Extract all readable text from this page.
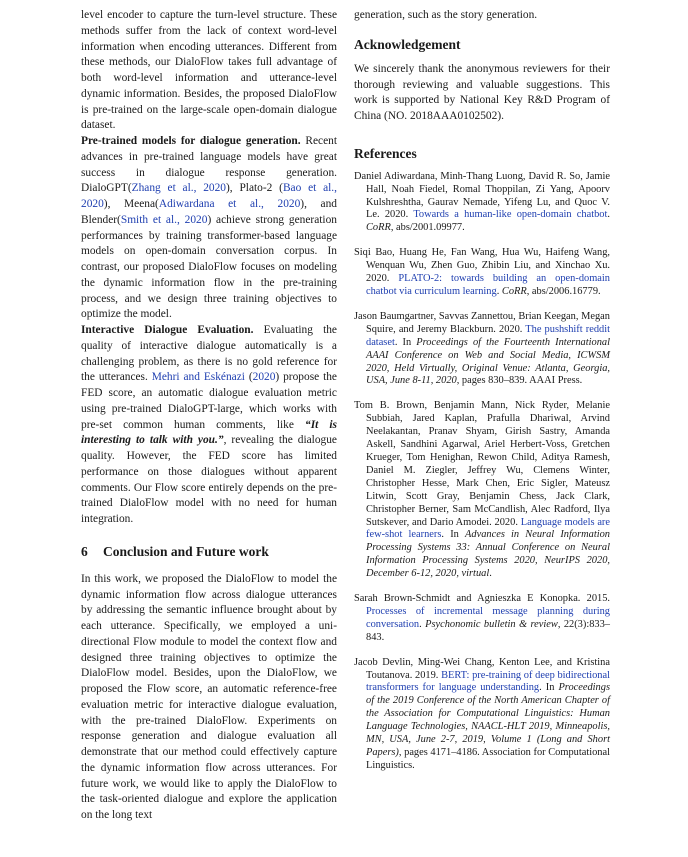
level encoder to capture the turn-level structure. These methods suffer from the lack of context word-level information when encoding utterances. Different from these methods, our DialoFlow takes full advantage of both word-level information and utterance-level dynamic information. Besides, the proposed DialoFlow is pre-trained on the large-scale open-domain dialogue dataset.

Pre-trained models for dialogue generation. Recent advances in pre-trained language models have great success in dialogue response generation. DialoGPT(Zhang et al., 2020), Plato-2 (Bao et al., 2020), Meena(Adiwardana et al., 2020), and Blender(Smith et al., 2020) achieve strong generation performances by training transformer-based language models on open-domain conversation corpus. In contrast, our proposed DialoFlow focuses on modeling the dynamic information flow in the pre-training process, and we design three training objectives to optimize the model.

Interactive Dialogue Evaluation. Evaluating the quality of interactive dialogue automatically is a challenging problem, as there is no gold reference for the utterances. Mehri and Eskénazi (2020) propose the FED score, an automatic dialogue evaluation metric using pre-trained DialoGPT-large, which works with pre-set common human comments, like “It is interesting to talk with you.”, revealing the dialogue quality. However, the FED score has limited performance on those dialogues without apparent comments. Our Flow score entirely depends on the pre-trained DialoFlow model with no need for human integration.

6 Conclusion and Future work

In this work, we proposed the DialoFlow to model the dynamic information flow across dialogue utterances by addressing the semantic influence brought about by each utterance. Specifically, we employed a uni-directional Flow module to model the context flow and designed three training objectives to optimize the DialoFlow model. Besides, upon the DialoFlow, we proposed the Flow score, an automatic reference-free evaluation metric for interactive dialogue evaluation, with the pre-trained DialoFlow. Experiments on response generation and dialogue evaluation all demonstrate that our method could effectively capture the dynamic information flow across utterances. For future work, we would like to apply the DialoFlow to the task-oriented dialogue and explore the application on the long text

generation, such as the story generation.

Acknowledgement

We sincerely thank the anonymous reviewers for their thorough reviewing and valuable suggestions. This work is supported by National Key R&D Program of China (NO. 2018AAA0102502).

References

Daniel Adiwardana, Minh-Thang Luong, David R. So, Jamie Hall, Noah Fiedel, Romal Thoppilan, Zi Yang, Apoorv Kulshreshtha, Gaurav Nemade, Yifeng Lu, and Quoc V. Le. 2020. Towards a human-like open-domain chatbot. CoRR, abs/2001.09977.

Siqi Bao, Huang He, Fan Wang, Hua Wu, Haifeng Wang, Wenquan Wu, Zhen Guo, Zhibin Liu, and Xinchao Xu. 2020. PLATO-2: towards building an open-domain chatbot via curriculum learning. CoRR, abs/2006.16779.

Jason Baumgartner, Savvas Zannettou, Brian Keegan, Megan Squire, and Jeremy Blackburn. 2020. The pushshift reddit dataset. In Proceedings of the Fourteenth International AAAI Conference on Web and Social Media, ICWSM 2020, Held Virtually, Original Venue: Atlanta, Georgia, USA, June 8-11, 2020, pages 830–839. AAAI Press.

Tom B. Brown, Benjamin Mann, Nick Ryder, Melanie Subbiah, Jared Kaplan, Prafulla Dhariwal, Arvind Neelakantan, Pranav Shyam, Girish Sastry, Amanda Askell, Sandhini Agarwal, Ariel Herbert-Voss, Gretchen Krueger, Tom Henighan, Rewon Child, Aditya Ramesh, Daniel M. Ziegler, Jeffrey Wu, Clemens Winter, Christopher Hesse, Mark Chen, Eric Sigler, Mateusz Litwin, Scott Gray, Benjamin Chess, Jack Clark, Christopher Berner, Sam McCandlish, Alec Radford, Ilya Sutskever, and Dario Amodei. 2020. Language models are few-shot learners. In Advances in Neural Information Processing Systems 33: Annual Conference on Neural Information Processing Systems 2020, NeurIPS 2020, December 6-12, 2020, virtual.

Sarah Brown-Schmidt and Agnieszka E Konopka. 2015. Processes of incremental message planning during conversation. Psychonomic bulletin & review, 22(3):833–843.

Jacob Devlin, Ming-Wei Chang, Kenton Lee, and Kristina Toutanova. 2019. BERT: pre-training of deep bidirectional transformers for language understanding. In Proceedings of the 2019 Conference of the North American Chapter of the Association for Computational Linguistics: Human Language Technologies, NAACL-HLT 2019, Minneapolis, MN, USA, June 2-7, 2019, Volume 1 (Long and Short Papers), pages 4171–4186. Association for Computational Linguistics.
